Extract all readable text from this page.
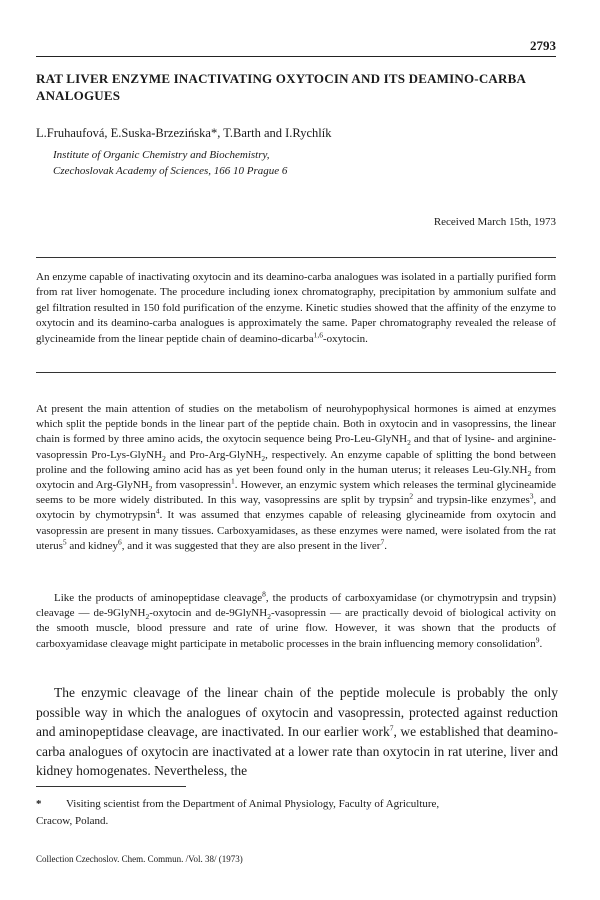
2793
RAT LIVER ENZYME INACTIVATING OXYTOCIN AND ITS DEAMINO-CARBA ANALOGUES
L.Fruhaufová, E.Suska-Brzezińska*, T.Barth and I.Rychlík
Institute of Organic Chemistry and Biochemistry,
Czechoslovak Academy of Sciences, 166 10 Prague 6
Received March 15th, 1973
An enzyme capable of inactivating oxytocin and its deamino-carba analogues was isolated in a partially purified form from rat liver homogenate. The procedure including ionex chromatography, precipitation by ammonium sulfate and gel filtration resulted in 150 fold purification of the enzyme. Kinetic studies showed that the affinity of the enzyme to oxytocin and its deamino-carba analogues is approximately the same. Paper chromatography revealed the release of glycineamide from the linear peptide chain of deamino-dicarba$^{1,6}$-oxytocin.

At present the main attention of studies on the metabolism of neurohypophysical hormones is aimed at enzymes which split the peptide bonds in the linear part of the peptide chain. Both in oxytocin and in vasopressins, the linear chain is formed by three amino acids, the oxytocin sequence being Pro-Leu-GlyNH$_2$ and that of lysine- and arginine-vasopressin Pro-Lys-GlyNH$_2$ and Pro-Arg-GlyNH$_2$, respectively. An enzyme capable of splitting the bond between proline and the following amino acid has as yet been found only in the human uterus; it releases Leu-$Gly.NH_2$ from oxytocin and Arg-GlyNH$_2$ from vasopressin$^1$. However, an enzymic system which releases the terminal glycineamide seems to be more widely distributed. In this way, vasopressins are split by trypsin$^2$ and trypsin-like enzymes$^3$, and oxytocin by chymotrypsin$^4$. It was assumed that enzymes capable of releasing glycineamide from oxytocin and vasopressin are present in many tissues. Carboxyamidases, as these enzymes were named, were isolated from the rat uterus$^5$ and kidney$^6$, and it was suggested that they are also present in the liver$^7$.

Like the products of aminopeptidase cleavage$^8$, the products of carboxyamidase (or chymotrypsin and trypsin) cleavage — de-9GlyNH$_2$-oxytocin and de-9GlyNH$_2$-vasopressin — are practically devoid of biological activity on the smooth muscle, blood pressure and rate of urine flow. However, it was shown that the products of carboxyamidase cleavage might participate in metabolic processes in the brain influencing memory consolidation$^9$.

The enzymic cleavage of the linear chain of the peptide molecule is probably the only possible way in which the analogues of oxytocin and vasopressin, protected against reduction and aminopeptidase cleavage, are inactivated. In our earlier work$^7$, we established that deamino-carba analogues of oxytocin are inactivated at a lower rate than oxytocin in rat uterine, liver and kidney homogenates. Nevertheless, the

* Visiting scientist from the Department of Animal Physiology, Faculty of Agriculture,
Cracow, Poland.
Collection Czechoslov. Chem. Commun. /Vol. 38/ (1973)
